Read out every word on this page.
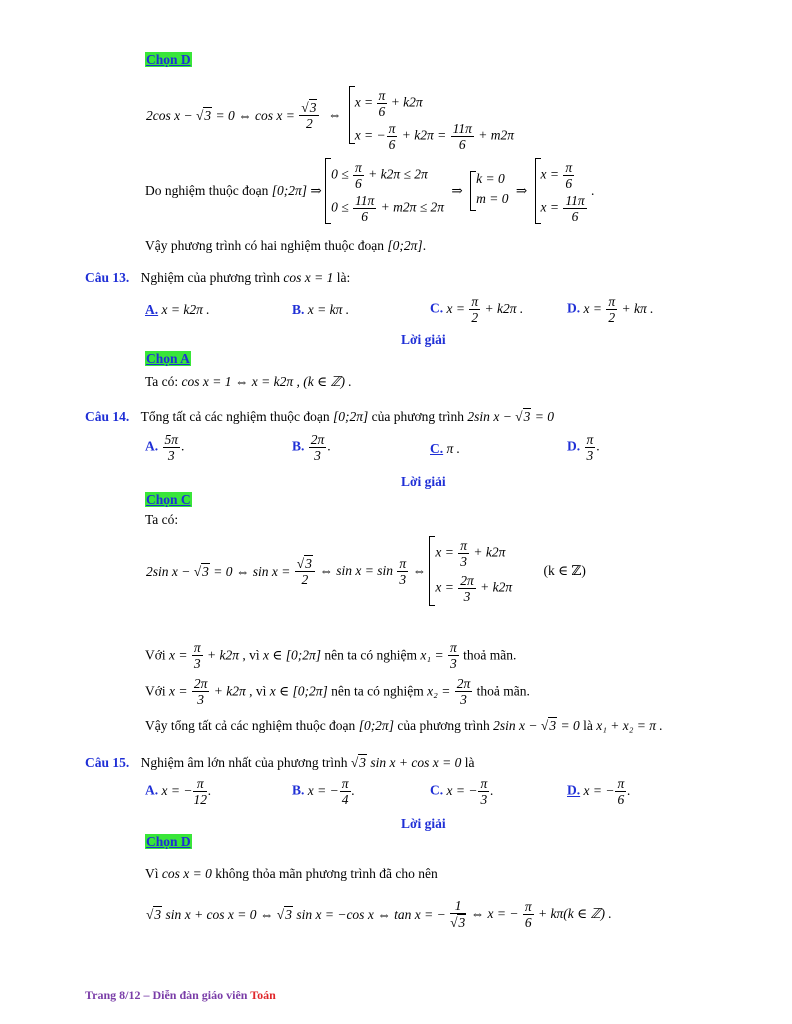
Chọn D
2cos x − √3 = 0 ⇔ $\cos x = \frac{√3}{2}$ ⇔
$x = \frac{\pi}{6} + k2\pi$
x = − $\frac{\pi}{6} + k2\pi = \frac{11\pi}{6} + m2\pi$
Do nghiệm thuộc đoạn [0;2π] ⇒
$0 \le \frac{\pi}{6} + k2\pi \le 2\pi$
$0 \le \frac{11\pi}{6} + m2\pi \le 2\pi$
⇒
k = 0
m = 0
⇒
$x = \frac{\pi}{6}$
$x = \frac{11\pi}{6}$
.
Vậy phương trình có hai nghiệm thuộc đoạn [0;2π].
Câu 13. Nghiệm của phương trình cos x = 1 là:
A. x = k2π .	B. x = kπ .	C. $x = \frac{\pi}{2} + k2\pi$ .	D. $x = \frac{\pi}{2} + k\pi$ .
Lời giải
Chọn A
Ta có: cos x = 1 ⇔ x = k2π , (k ∈ ℤ) .
Câu 14. Tổng tất cả các nghiệm thuộc đoạn [0;2π] của phương trình 2sin x − √3 = 0
A. $\frac{5\pi}{3}$ .	B. $\frac{2\pi}{3}$ .	C. π .	D. $\frac{\pi}{3}$ .
Lời giải
Chọn C
Ta có:
2sin x − √3 = 0 ⇔ $\sin x = \frac{√3}{2}$ ⇔ $\sin x = \sin \frac{\pi}{3}$ ⇔
$x = \frac{\pi}{3} + k2\pi$
$x = \frac{2\pi}{3} + k2\pi$
(k ∈ ℤ)
Với $x = \frac{\pi}{3} + k2\pi$ , vì x ∈ [0;2π] nên ta có nghiệm $x_1 = \frac{\pi}{3}$ thoả mãn.
Với $x = \frac{2\pi}{3} + k2\pi$ , vì x ∈ [0;2π] nên ta có nghiệm $x_2 = \frac{2\pi}{3}$ thoả mãn.
Vậy tổng tất cả các nghiệm thuộc đoạn [0;2π] của phương trình 2sin x − √3 = 0 là x₁ + x₂ = π .
Câu 15. Nghiệm âm lớn nhất của phương trình √3 sin x + cos x = 0 là
A. x = − $\frac{\pi}{12}$ .	B. x = − $\frac{\pi}{4}$ .	C. x = − $\frac{\pi}{3}$ .	D. x = − $\frac{\pi}{6}$ .
Lời giải
Chọn D
Vì cos x = 0 không thỏa mãn phương trình đã cho nên
√3 sin x + cos x = 0 ⇔ √3 sin x = −cos x ⇔ tan x = − $\frac{1}{√3}$ ⇔ x = − $\frac{\pi}{6} + k\pi(k$ ∈ ℤ) .
Trang 8/12 – Diễn đàn giáo viên Toán
